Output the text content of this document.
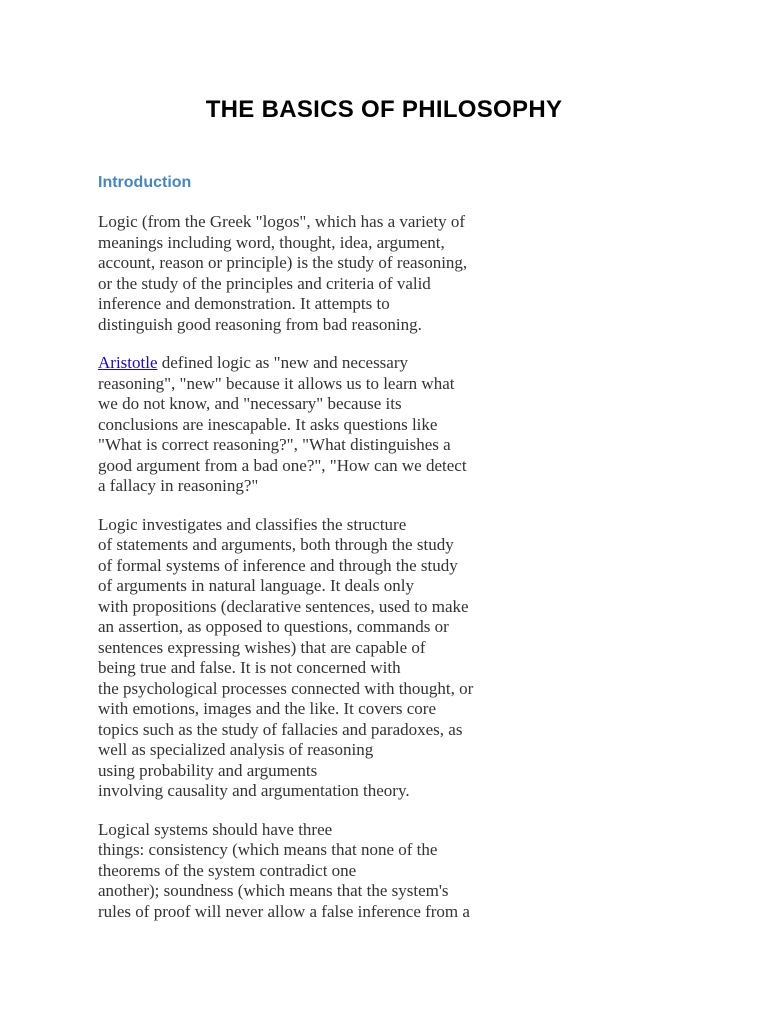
THE BASICS OF PHILOSOPHY
Introduction

Logic (from the Greek "logos", which has a variety of
meanings including word, thought, idea, argument,
account, reason or principle) is the study of reasoning,
or the study of the principles and criteria of valid
inference and demonstration. It attempts to
distinguish good reasoning from bad reasoning.

Aristotle defined logic as "new and necessary
reasoning", "new" because it allows us to learn what
we do not know, and "necessary" because its
conclusions are inescapable. It asks questions like
"What is correct reasoning?", "What distinguishes a
good argument from a bad one?", "How can we detect
a fallacy in reasoning?"

Logic investigates and classifies the structure
of statements and arguments, both through the study
of formal systems of inference and through the study
of arguments in natural language. It deals only
with propositions (declarative sentences, used to make
an assertion, as opposed to questions, commands or
sentences expressing wishes) that are capable of
being true and false. It is not concerned with
the psychological processes connected with thought, or
with emotions, images and the like. It covers core
topics such as the study of fallacies and paradoxes, as
well as specialized analysis of reasoning
using probability and arguments
involving causality and argumentation theory.

Logical systems should have three
things: consistency (which means that none of the
theorems of the system contradict one
another); soundness (which means that the system's
rules of proof will never allow a false inference from a
